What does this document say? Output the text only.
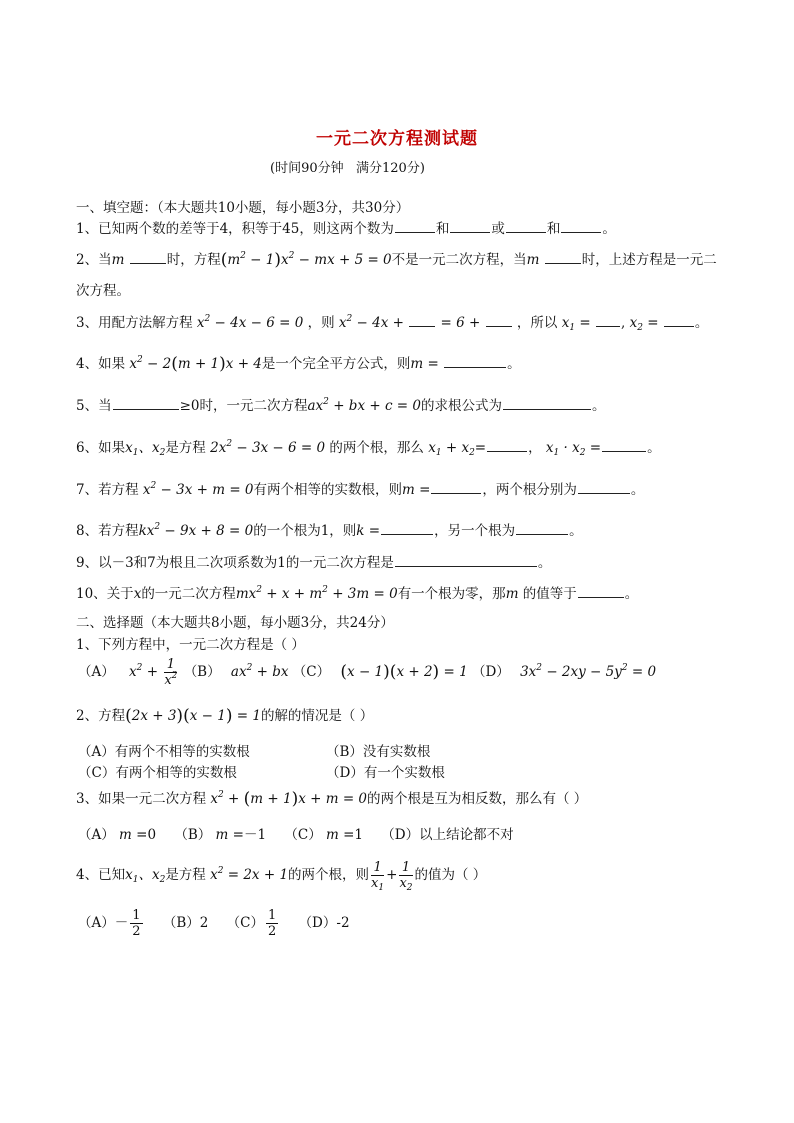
一元二次方程测试题
(时间90分钟   满分120分)
一、填空题：（本大题共10小题，每小题3分，共30分）
1、已知两个数的差等于4，积等于45，则这两个数为	和	或	和	。
2、当m	时，方程$(m^2 - 1)x^2$ − mx + 5 = 0不是一元二次方程，当m	时，上述方程是一元二
次方程。
3、用配方法解方程 $x^2 - 4x - 6 = 0$ ，则 $x^2 - 4x$ +  = 6 +  ，所以 $x_1$ = , $x_2$ = 。
4、如果 $x^2 - 2(m + 1)x + 4$是一个完全平方公式，则m =	。
5、当	≥0时，一元二次方程$ax^2$ + bx + c = 0的求根公式为	。
6、如果$x_1$、$x_2$是方程 $2x^2 - 3x - 6 = 0$ 的两个根，那么 $x_1 + x_2=$	， $x_1 \cdot x_2$ =	。
7、若方程 $x^2 - 3x + m = 0$有两个相等的实数根，则m =	，两个根分别为	。
8、若方程$kx^2 - 9x + 8 = 0$的一个根为1，则k =	，另一个根为	。
9、以－3和7为根且二次项系数为1的一元二次方程是	。
10、关于x的一元二次方程$mx^2 + x + m^2 + 3m = 0$有一个根为零，那m 的值等于	。
二、选择题（本大题共8小题，每小题3分，共24分）
1、下列方程中，一元二次方程是（ ）
（A） $x^2 + \frac{1}{x^2} (B) ax^2$ + bx （C） (x − 1)(x + 2) = 1 （D） $3x^2 - 2xy - 5y^2 = 0$
2、方程(2x + 3)(x − 1) = 1的解的情况是（ ）
（A）有两个不相等的实数根	（B）没有实数根
（C）有两个相等的实数根	（D）有一个实数根
3、如果一元二次方程 $x^2 + (m + 1)x + m = 0$的两个根是互为相反数，那么有（ ）
（A） m =0 （B） m =－1 （C） m =1 （D）以上结论都不对
4、已知$x_1$、$x_2$是方程 $x^2 = 2x + 1$的两个根，则 $\frac{1}{x_1} + \frac{1}{x_2}$ 的值为（ ）
$(A)- \frac{1}{2} (B)2$ $(C) \frac{1}{2} (D)-2$
